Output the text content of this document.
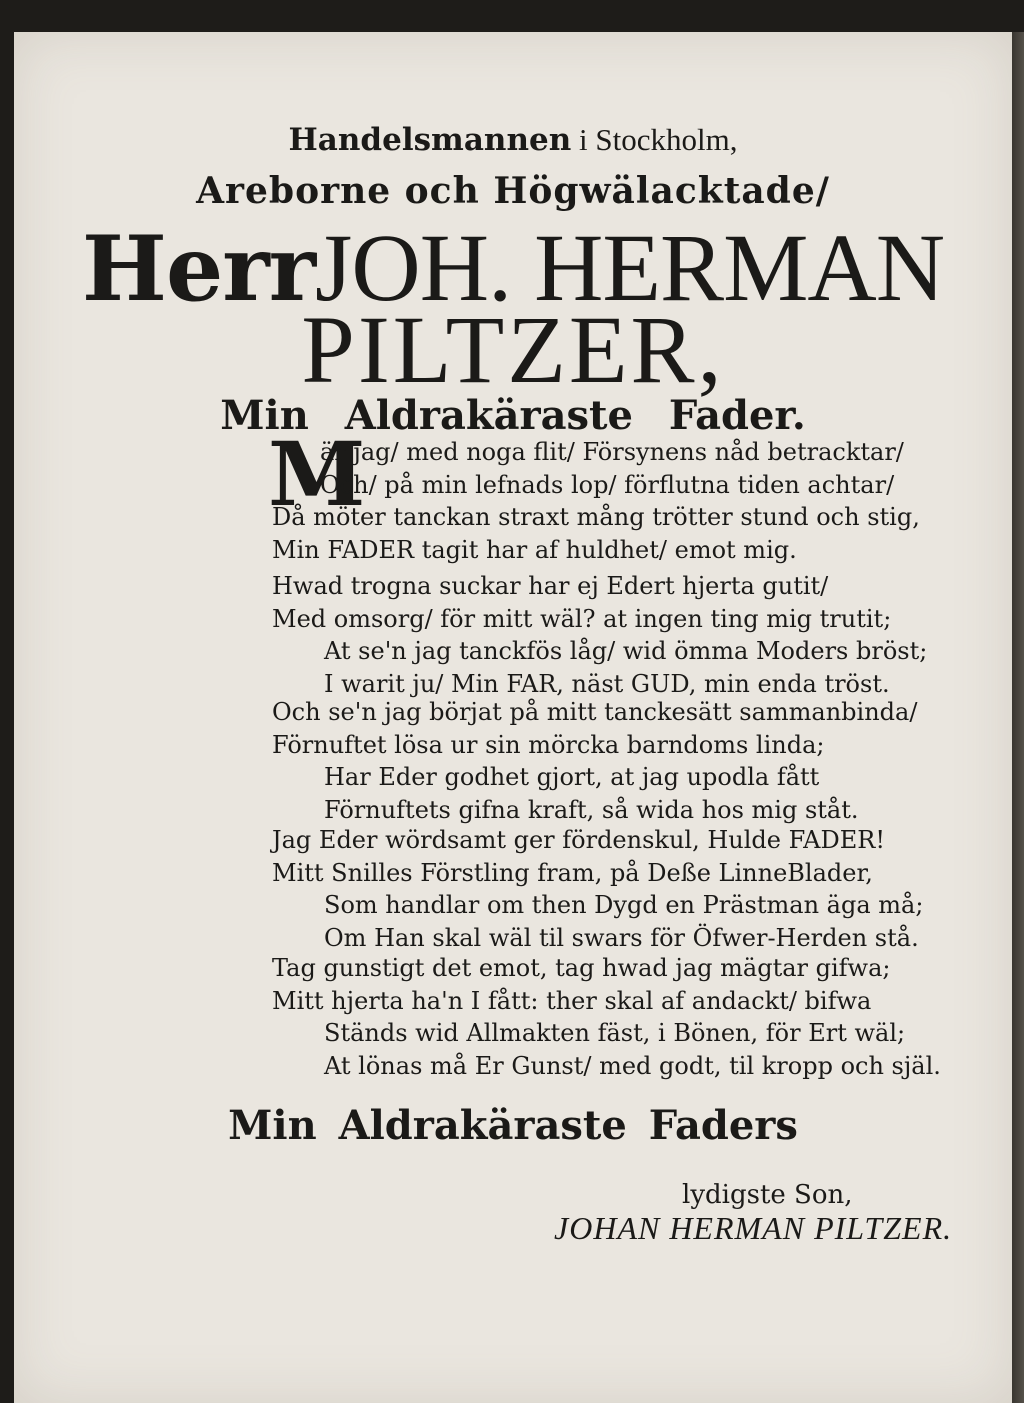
Handelsmannen i Stockholm,
Areborne och Högwälacktade/
HerrJOH. HERMAN
PILTZER,
Min Aldrakäraste Fader.
M
är jag/ med noga flit/ Försynens nåd betracktar/
Och/ på min lefnads lop/ förflutna tiden achtar/
Då möter tanckan straxt mång trötter stund och stig,
Min FADER tagit har af huldhet/ emot mig.
Hwad trogna suckar har ej Edert hjerta gutit/
Med omsorg/ för mitt wäl? at ingen ting mig trutit;
At se'n jag tanckfös låg/ wid ömma Moders bröst;
I warit ju/ Min FAR, näst GUD, min enda tröst.
Och se'n jag börjat på mitt tanckesätt sammanbinda/
Förnuftet lösa ur sin mörcka barndoms linda;
Har Eder godhet gjort, at jag upodla fått
Förnuftets gifna kraft, så wida hos mig ståt.
Jag Eder wördsamt ger fördenskul, Hulde FADER!
Mitt Snilles Förstling fram, på Deße LinneBlader,
Som handlar om then Dygd en Prästman äga må;
Om Han skal wäl til swars för Öfwer-Herden stå.
Tag gunstigt det emot, tag hwad jag mägtar gifwa;
Mitt hjerta ha'n I fått: ther skal af andackt/ bifwa
Ständs wid Allmakten fäst, i Bönen, för Ert wäl;
At lönas må Er Gunst/ med godt, til kropp och själ.
Min Aldrakäraste Faders
lydigste Son,
JOHAN HERMAN PILTZER.
